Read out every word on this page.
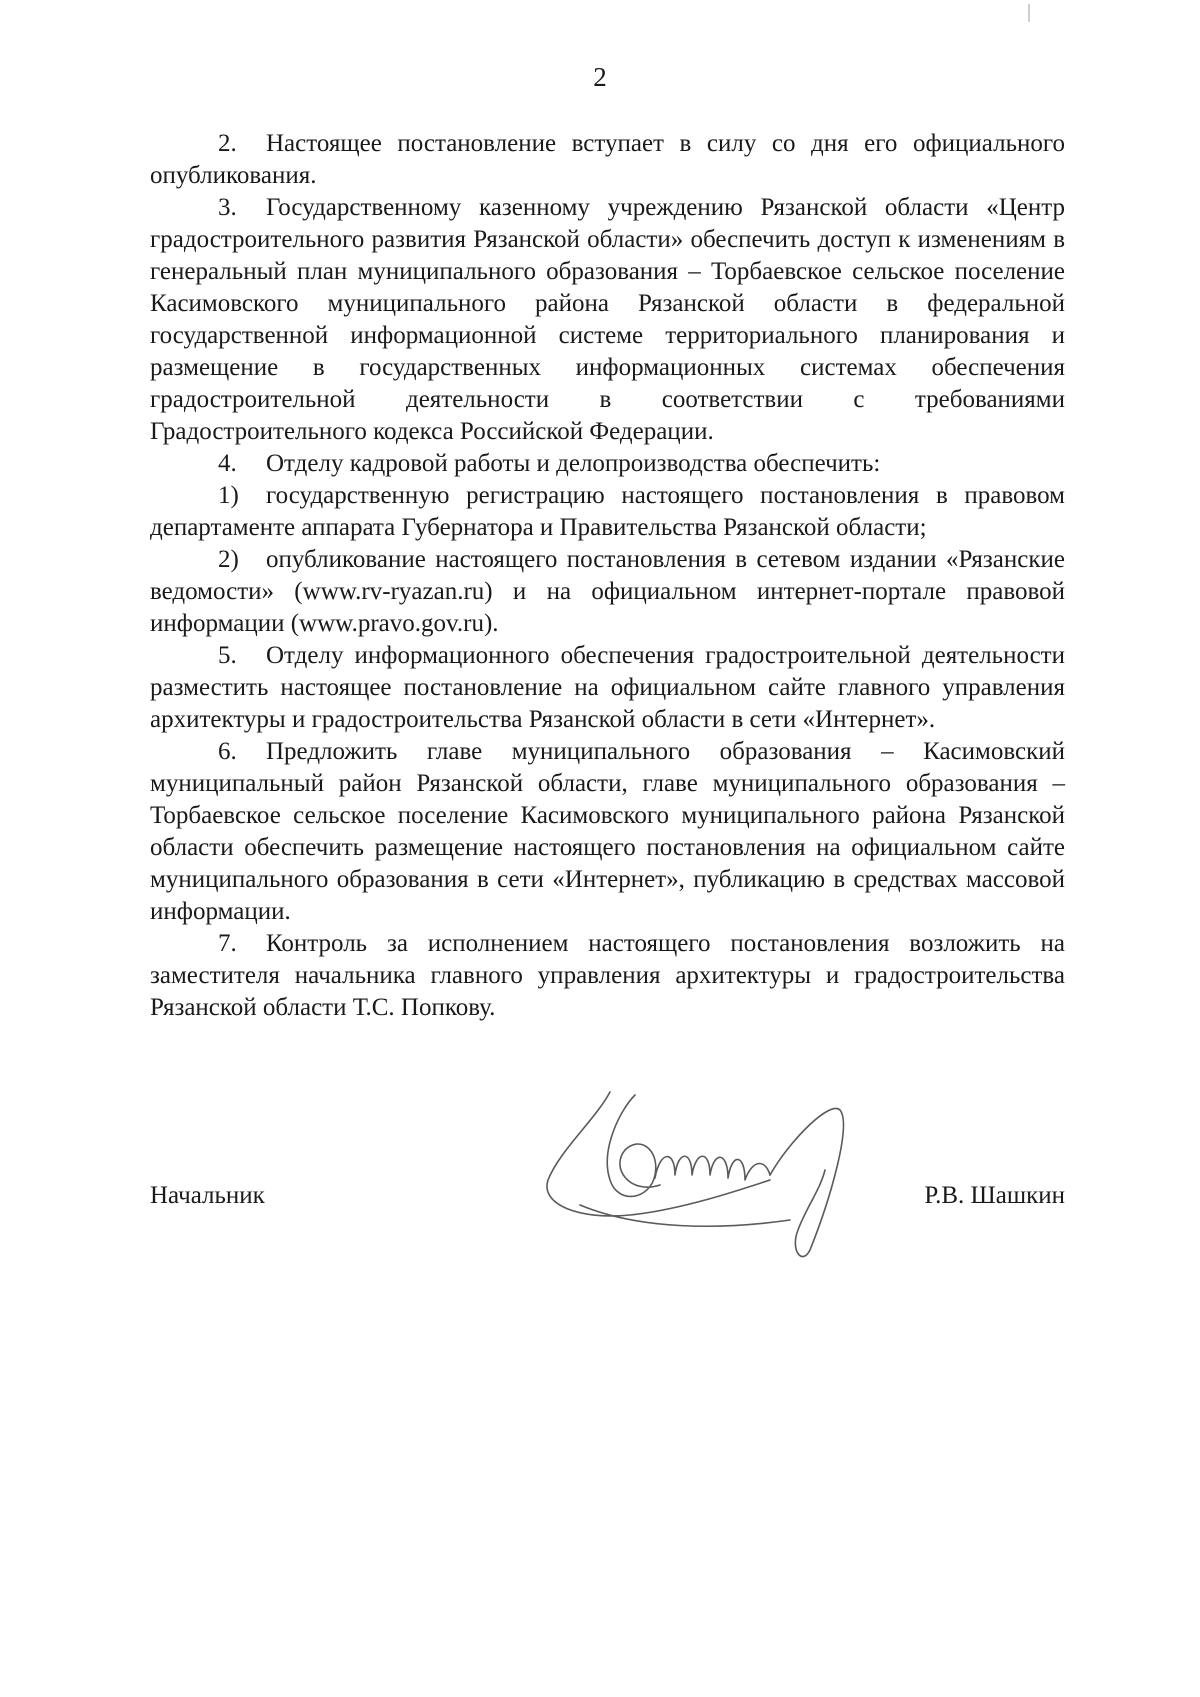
2

2. Настоящее постановление вступает в силу со дня его официального опубликования.

3. Государственному казенному учреждению Рязанской области «Центр градостроительного развития Рязанской области» обеспечить доступ к изменениям в генеральный план муниципального образования – Торбаевское сельское поселение Касимовского муниципального района Рязанской области в федеральной государственной информационной системе территориального планирования и размещение в государственных информационных системах обеспечения градостроительной деятельности в соответствии с требованиями Градостроительного кодекса Российской Федерации.

4. Отделу кадровой работы и делопроизводства обеспечить:

1) государственную регистрацию настоящего постановления в правовом департаменте аппарата Губернатора и Правительства Рязанской области;

2) опубликование настоящего постановления в сетевом издании «Рязанские ведомости» (www.rv-ryazan.ru) и на официальном интернет-портале правовой информации (www.pravo.gov.ru).

5. Отделу информационного обеспечения градостроительной деятельности разместить настоящее постановление на официальном сайте главного управления архитектуры и градостроительства Рязанской области в сети «Интернет».

6. Предложить главе муниципального образования – Касимовский муниципальный район Рязанской области, главе муниципального образования – Торбаевское сельское поселение Касимовского муниципального района Рязанской области обеспечить размещение настоящего постановления на официальном сайте муниципального образования в сети «Интернет», публикацию в средствах массовой информации.

7. Контроль за исполнением настоящего постановления возложить на заместителя начальника главного управления архитектуры и градостроительства Рязанской области Т.С. Попкову.

Начальник	Р.В. Шашкин
